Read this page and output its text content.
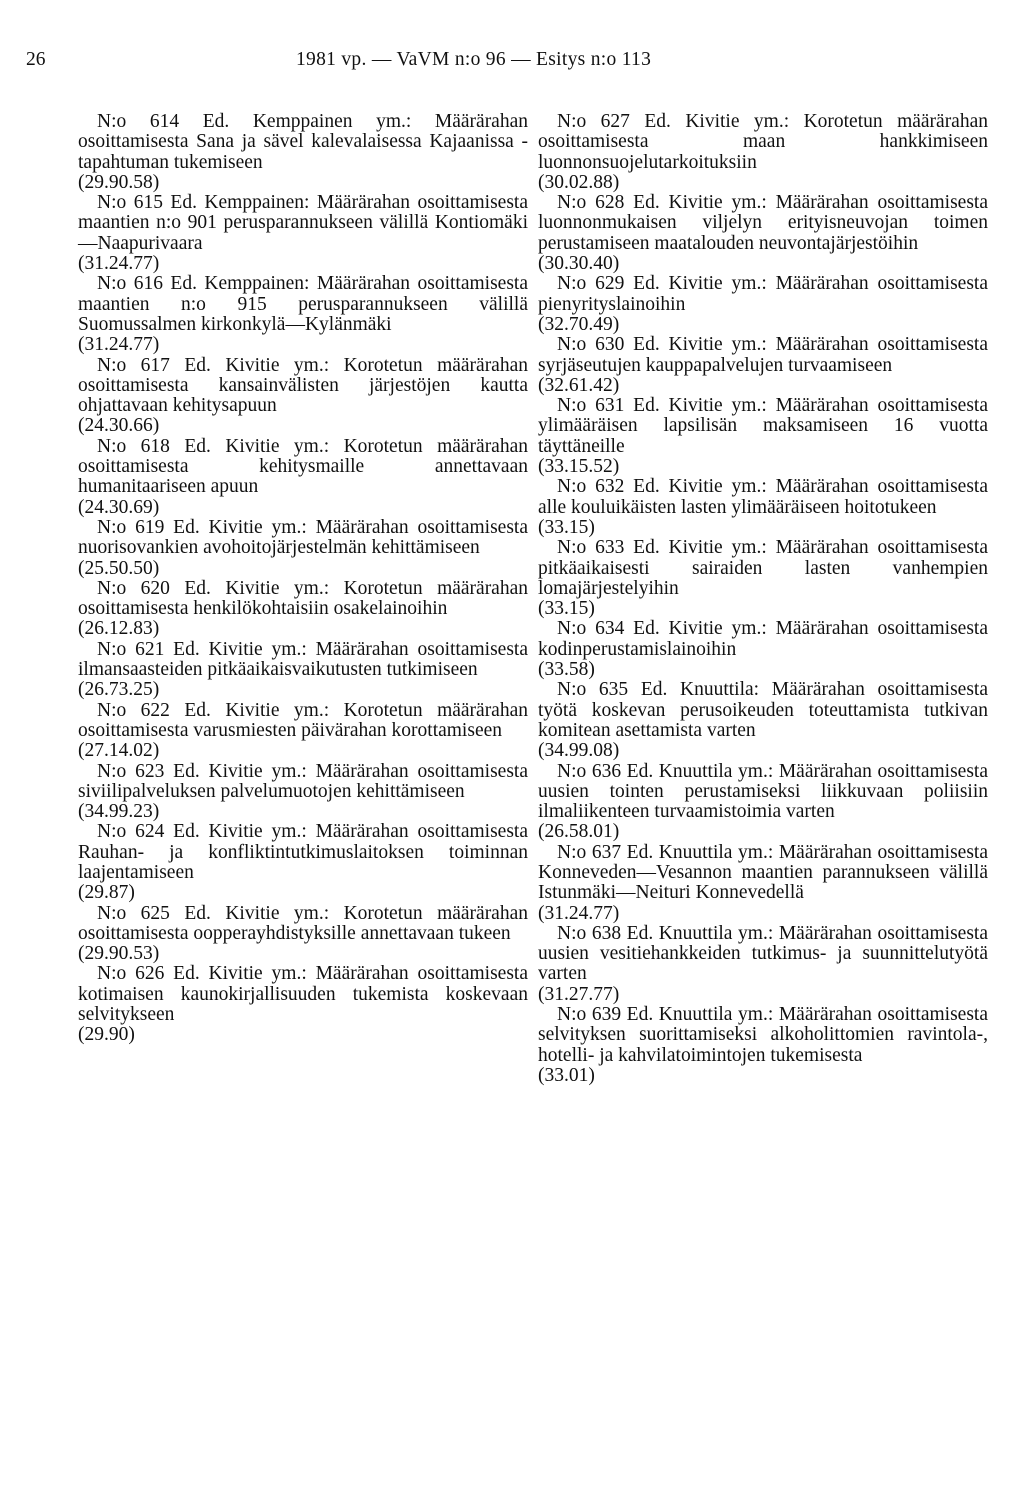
26	1981 vp. — VaVM n:o 96 — Esitys n:o 113

N:o 614 Ed. Kemppainen ym.: Määrärahan osoittamisesta Sana ja sävel kalevalaisessa Kajaanissa -tapahtuman tukemiseen

(29.90.58)

N:o 615 Ed. Kemppainen: Määrärahan osoittamisesta maantien n:o 901 perusparannukseen välillä Kontiomäki—Naapurivaara

(31.24.77)

N:o 616 Ed. Kemppainen: Määrärahan osoittamisesta maantien n:o 915 perusparannukseen välillä Suomussalmen kirkonkylä—Kylänmäki

(31.24.77)

N:o 617 Ed. Kivitie ym.: Korotetun määrärahan osoittamisesta kansainvälisten järjestöjen kautta ohjattavaan kehitysapuun

(24.30.66)

N:o 618 Ed. Kivitie ym.: Korotetun määrärahan osoittamisesta kehitysmaille annettavaan humanitaariseen apuun

(24.30.69)

N:o 619 Ed. Kivitie ym.: Määrärahan osoittamisesta nuorisovankien avohoitojärjestelmän kehittämiseen

(25.50.50)

N:o 620 Ed. Kivitie ym.: Korotetun määrärahan osoittamisesta henkilökohtaisiin osakelainoihin

(26.12.83)

N:o 621 Ed. Kivitie ym.: Määrärahan osoittamisesta ilmansaasteiden pitkäaikaisvaikutusten tutkimiseen

(26.73.25)

N:o 622 Ed. Kivitie ym.: Korotetun määrärahan osoittamisesta varusmiesten päivärahan korottamiseen

(27.14.02)

N:o 623 Ed. Kivitie ym.: Määrärahan osoittamisesta siviilipalveluksen palvelumuotojen kehittämiseen

(34.99.23)

N:o 624 Ed. Kivitie ym.: Määrärahan osoittamisesta Rauhan- ja konfliktintutkimuslaitoksen toiminnan laajentamiseen

(29.87)

N:o 625 Ed. Kivitie ym.: Korotetun määrärahan osoittamisesta oopperayhdistyksille annettavaan tukeen

(29.90.53)

N:o 626 Ed. Kivitie ym.: Määrärahan osoittamisesta kotimaisen kaunokirjallisuuden tukemista koskevaan selvitykseen

(29.90)

N:o 627 Ed. Kivitie ym.: Korotetun määrärahan osoittamisesta maan hankkimiseen luonnonsuojelutarkoituksiin

(30.02.88)

N:o 628 Ed. Kivitie ym.: Määrärahan osoittamisesta luonnonmukaisen viljelyn erityisneuvojan toimen perustamiseen maatalouden neuvontajärjestöihin

(30.30.40)

N:o 629 Ed. Kivitie ym.: Määrärahan osoittamisesta pienyrityslainoihin

(32.70.49)

N:o 630 Ed. Kivitie ym.: Määrärahan osoittamisesta syrjäseutujen kauppapalvelujen turvaamiseen

(32.61.42)

N:o 631 Ed. Kivitie ym.: Määrärahan osoittamisesta ylimääräisen lapsilisän maksamiseen 16 vuotta täyttäneille

(33.15.52)

N:o 632 Ed. Kivitie ym.: Määrärahan osoittamisesta alle kouluikäisten lasten ylimääräiseen hoitotukeen

(33.15)

N:o 633 Ed. Kivitie ym.: Määrärahan osoittamisesta pitkäaikaisesti sairaiden lasten vanhempien lomajärjestelyihin

(33.15)

N:o 634 Ed. Kivitie ym.: Määrärahan osoittamisesta kodinperustamislainoihin

(33.58)

N:o 635 Ed. Knuuttila: Määrärahan osoittamisesta työtä koskevan perusoikeuden toteuttamista tutkivan komitean asettamista varten

(34.99.08)

N:o 636 Ed. Knuuttila ym.: Määrärahan osoittamisesta uusien tointen perustamiseksi liikkuvaan poliisiin ilmaliikenteen turvaamistoimia varten

(26.58.01)

N:o 637 Ed. Knuuttila ym.: Määrärahan osoittamisesta Konneveden—Vesannon maantien parannukseen välillä Istunmäki—Neituri Konnevedellä

(31.24.77)

N:o 638 Ed. Knuuttila ym.: Määrärahan osoittamisesta uusien vesitiehankkeiden tutkimus- ja suunnittelutyötä varten

(31.27.77)

N:o 639 Ed. Knuuttila ym.: Määrärahan osoittamisesta selvityksen suorittamiseksi alkoholittomien ravintola-, hotelli- ja kahvilatoimintojen tukemisesta

(33.01)
